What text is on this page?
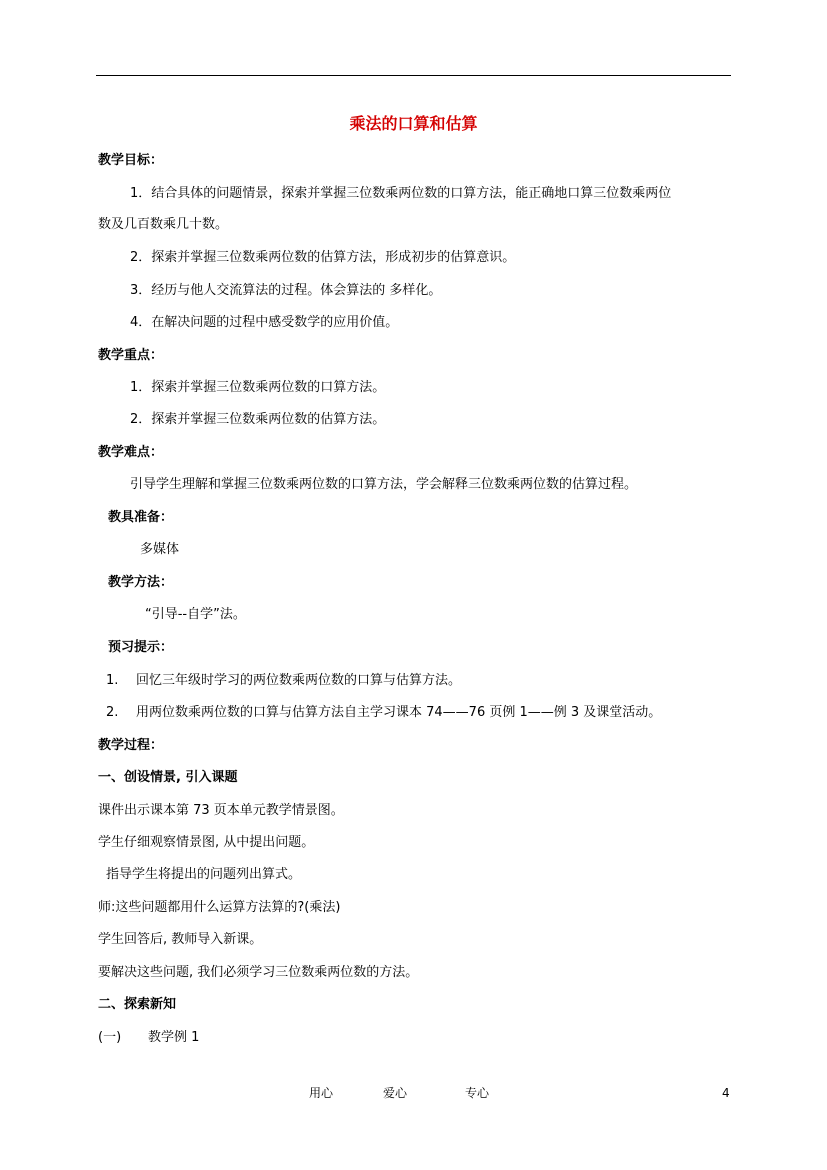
乘法的口算和估算
教学目标：
1．结合具体的问题情景，探索并掌握三位数乘两位数的口算方法，能正确地口算三位数乘两位
数及几百数乘几十数。
2．探索并掌握三位数乘两位数的估算方法，形成初步的估算意识。
3．经历与他人交流算法的过程。体会算法的 多样化。
4．在解决问题的过程中感受数学的应用价值。
教学重点：
1．探索并掌握三位数乘两位数的口算方法。
2．探索并掌握三位数乘两位数的估算方法。
教学难点：
引导学生理解和掌握三位数乘两位数的口算方法，学会解释三位数乘两位数的估算过程。
教具准备：
多媒体
教学方法：
“引导--自学”法。
预习提示：
1. 回忆三年级时学习的两位数乘两位数的口算与估算方法。
2. 用两位数乘两位数的口算与估算方法自主学习课本 74——76 页例 1——例 3 及课堂活动。
教学过程：
一、创设情景, 引入课题
课件出示课本第 73 页本单元教学情景图。
学生仔细观察情景图, 从中提出问题。
指导学生将提出的问题列出算式。
师:这些问题都用什么运算方法算的?(乘法)
学生回答后, 教师导入新课。
要解决这些问题, 我们必须学习三位数乘两位数的方法。
二、探索新知
(一) 教学例 1
用心	爱心	专心	4
